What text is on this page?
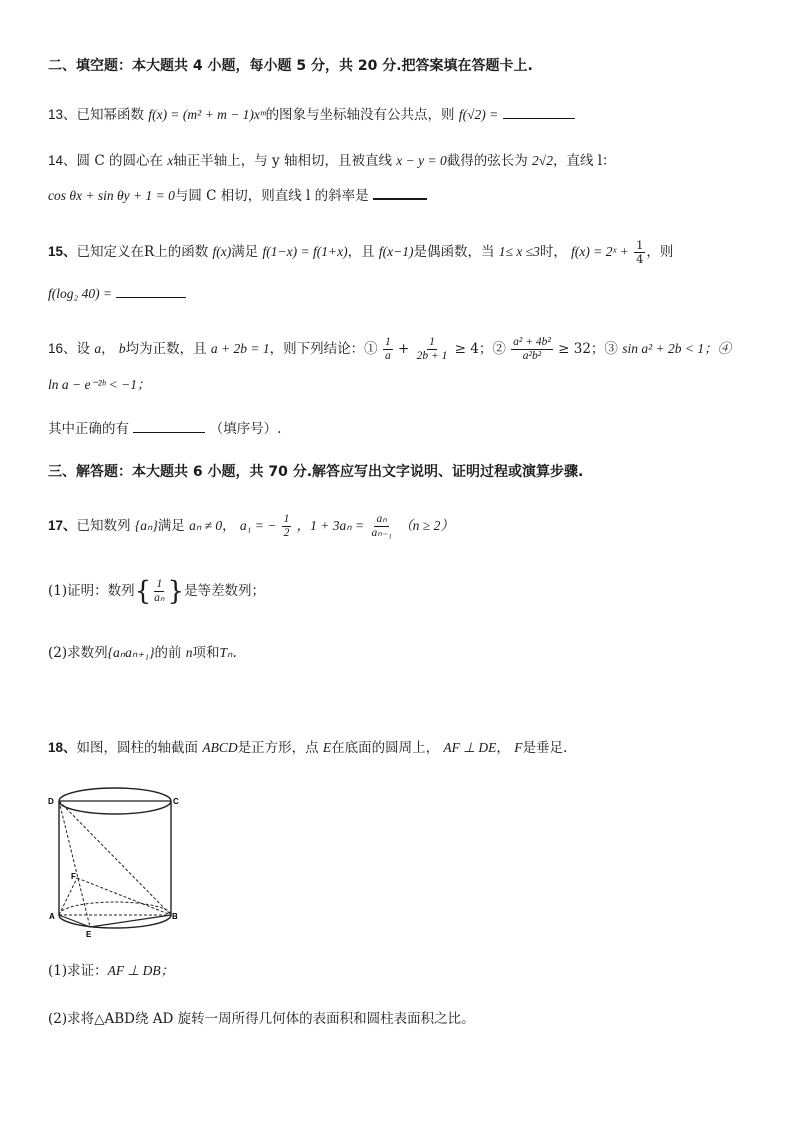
二、填空题：本大题共 4 小题，每小题 5 分，共 20 分.把答案填在答题卡上.
13、已知幂函数 f(x) = (m² + m − 1)xᵐ的图象与坐标轴没有公共点，则 f(√2) =
14、圆 C 的圆心在 x轴正半轴上，与 y 轴相切，且被直线 x − y = 0截得的弦长为 2√2，直线 l：
cos θx + sin θy + 1 = 0与圆 C 相切，则直线 l 的斜率是
15、已知定义在R上的函数 f(x)满足 f(1−x) = f(1+x)，且 f(x−1)是偶函数，当 1≤ x ≤3时， f(x) = 2ˣ + $\frac{1}{4}$ ，则
f(log₂ 40) =
16、设 a， b均为正数，且 a + 2b = 1，则下列结论：① $\frac{1}{a} + \frac{1}{2b + 1} \ge 4$；② $\frac{\text{a² + 4b²}}{\text{a²b²}} \ge 32$；③ sin a² + 2b < 1；④
ln a − e⁻²ᵇ < −1；
其中正确的有	（填序号）.
三、解答题：本大题共 6 小题，共 70 分.解答应写出文字说明、证明过程或演算步骤.
17、已知数列 {aₙ}满足 aₙ ≠ 0， a₁ = − $\frac{1}{2}$ ，$1 + 3a_n = \frac{\text{aₙ}}{\text{aₙ₋₁}} (n \ge 2)$
(1)证明：数列{ $\frac{1}{\text{aₙ}}$ }是等差数列；
(2)求数列{aₙaₙ₊₁}的前 n项和Tₙ.
18、如图，圆柱的轴截面 ABCD是正方形，点 E在底面的圆周上， AF ⊥ DE， F是垂足.
D	C
F
A	B
E
(1)求证：AF ⊥ DB；
(2)求将△ABD绕 AD 旋转一周所得几何体的表面积和圆柱表面积之比。
